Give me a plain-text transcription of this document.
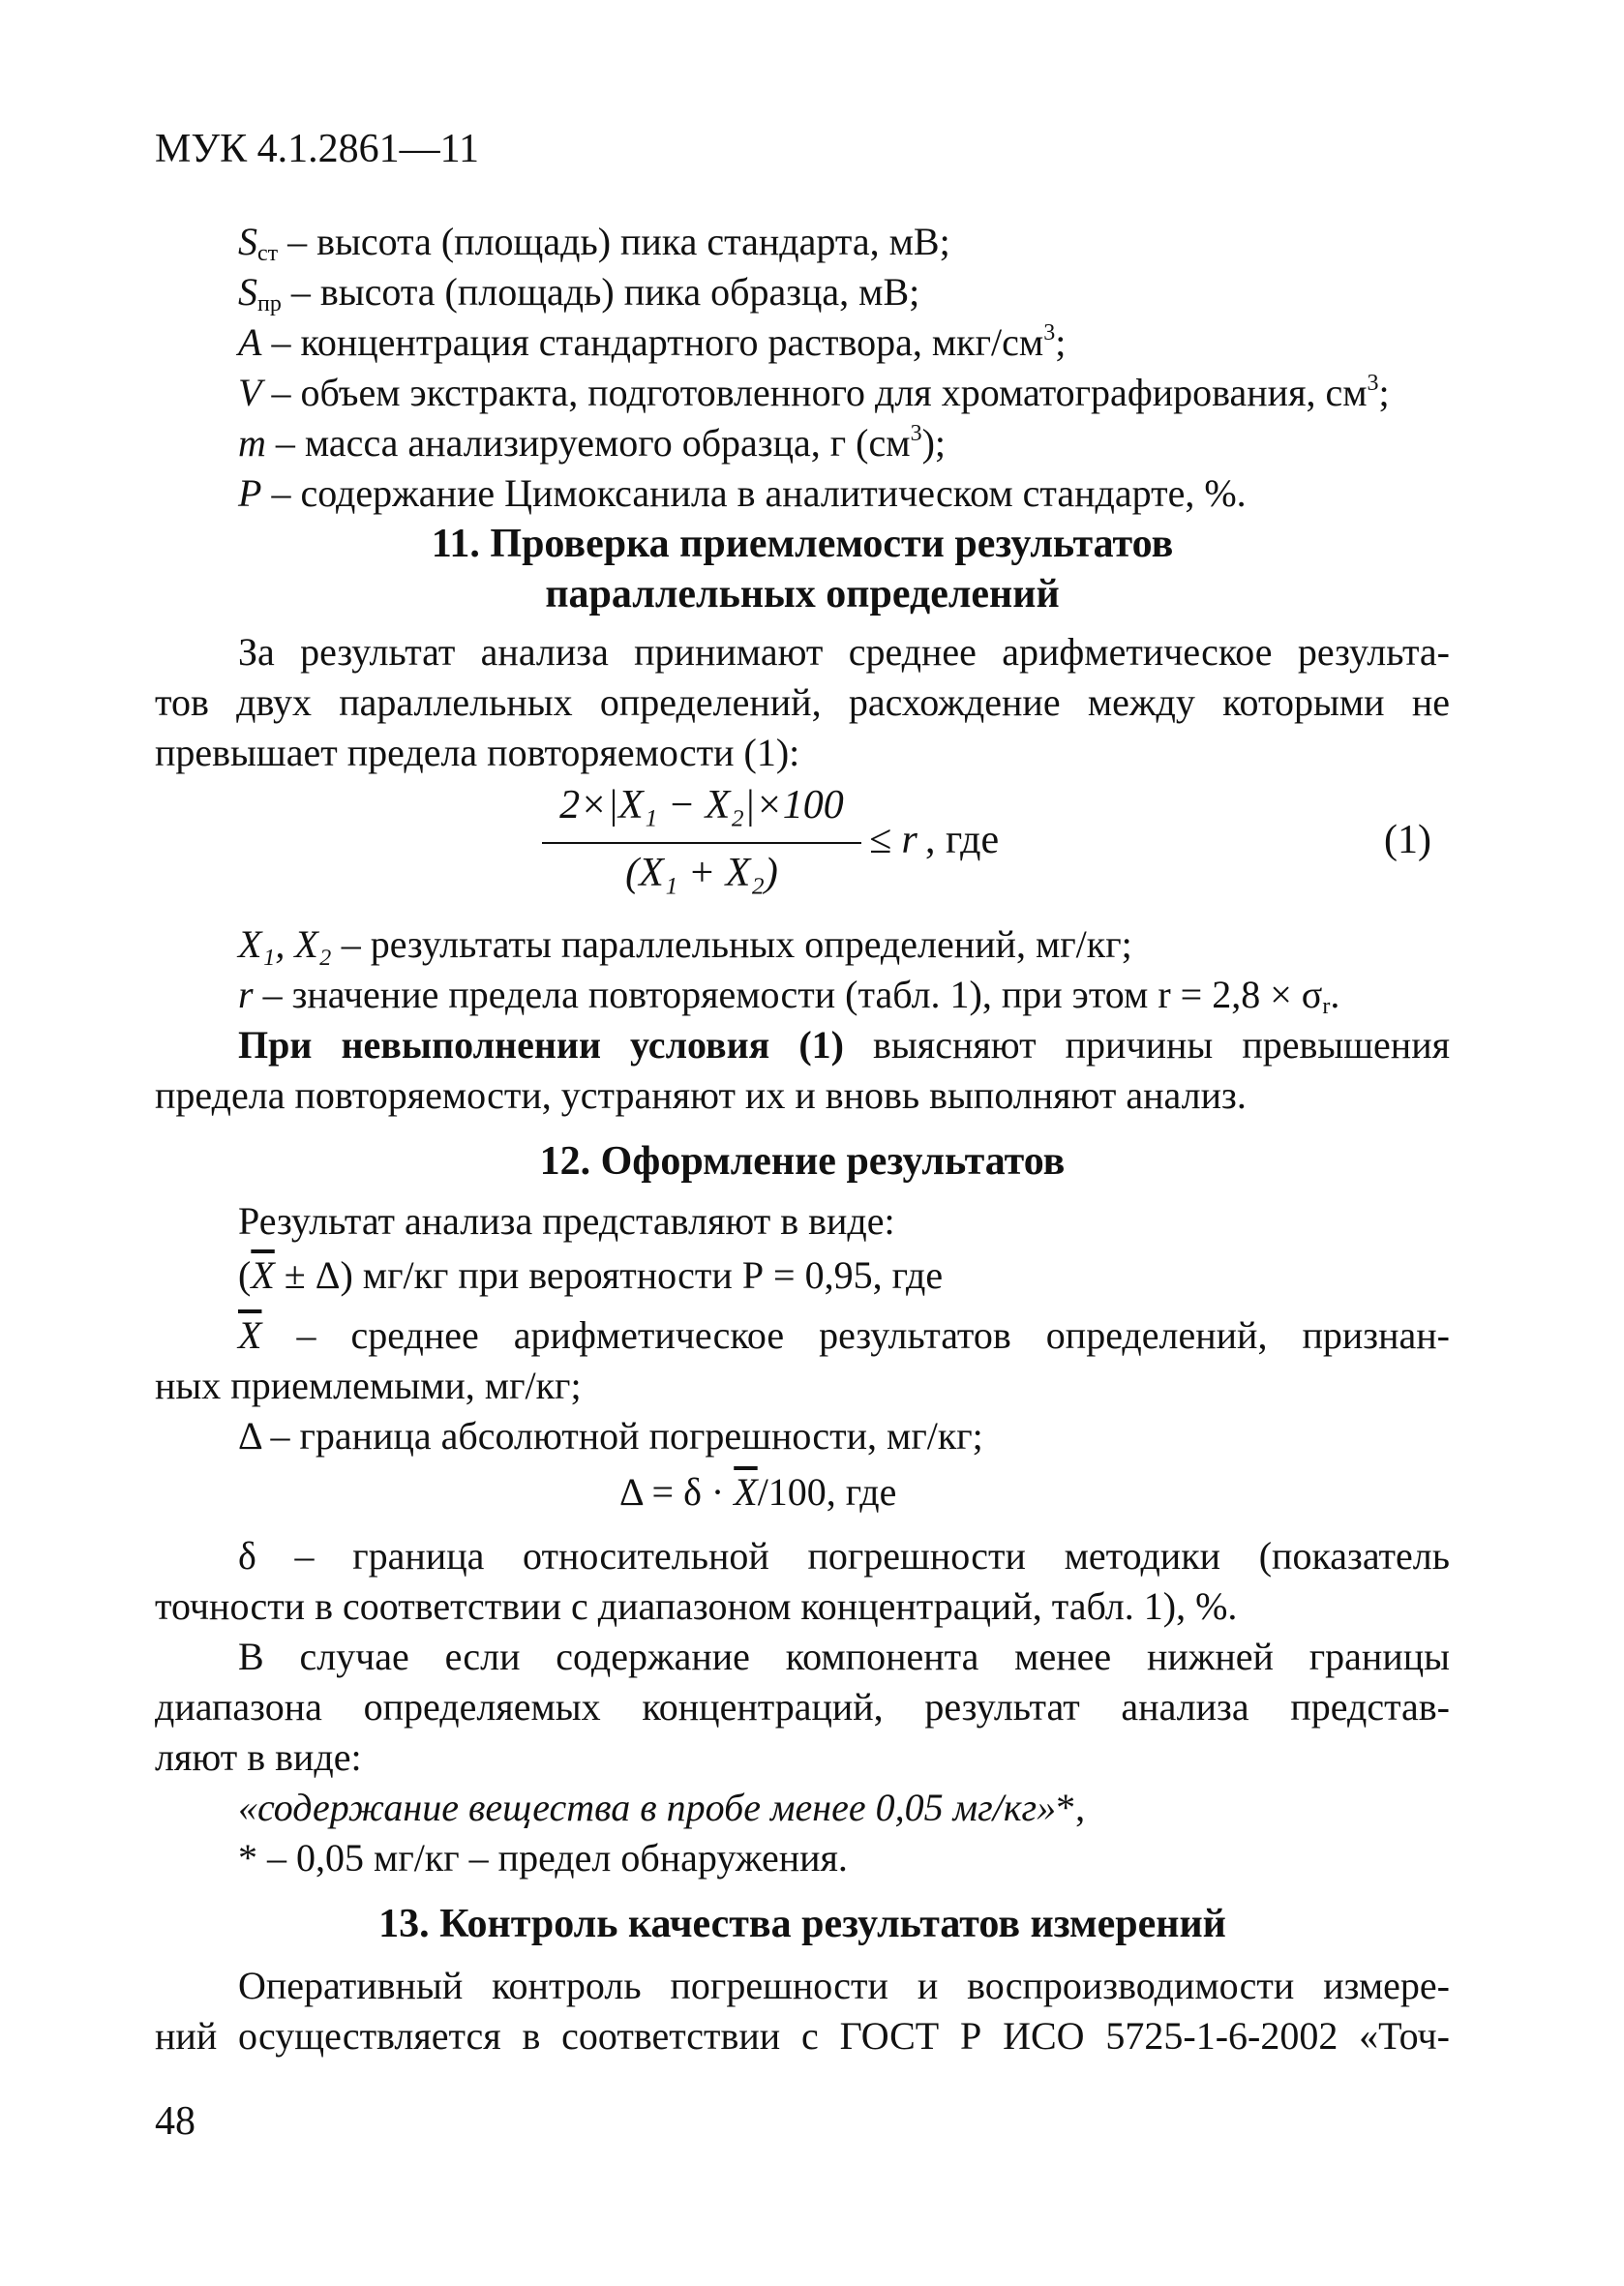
МУК 4.1.2861—11
$S_{ст}$ – высота (площадь) пика стандарта, мВ;
$S_{пр}$ – высота (площадь) пика образца, мВ;
A – концентрация стандартного раствора, мкг/$см^3$;
V – объем экстракта, подготовленного для хроматографирования, $см^3$;
m – масса анализируемого образца, г $(см^3)$;
P – содержание Цимоксанила в аналитическом стандарте, %.
11. Проверка приемлемости результатов
параллельных определений
За результат анализа принимают среднее арифметическое результа-
тов двух параллельных определений, расхождение между которыми не
превышает предела повторяемости (1):
2×|X₁ − X₂|×100
(X₁ + X₂)
≤ r , где	(1)
X₁, X₂ – результаты параллельных определений, мг/кг;
r – значение предела повторяемости (табл. 1), при этом $r = 2,8 \times \sigma_r$.
При невыполнении условия (1) выясняют причины превышения
предела повторяемости, устраняют их и вновь выполняют анализ.
12. Оформление результатов
Результат анализа представляют в виде:
$(\overline{X} \pm \Delta)$ мг/кг при вероятности Р = 0,95, где
$\overline{X}$ – среднее арифметическое результатов определений, признан-
ных приемлемыми, мг/кг;
Δ – граница абсолютной погрешности, мг/кг;
$\Delta = \delta \cdot \overline{X}/100$, где
δ – граница относительной погрешности методики (показатель
точности в соответствии с диапазоном концентраций, табл. 1), %.
В случае если содержание компонента менее нижней границы
диапазона определяемых концентраций, результат анализа представ-
ляют в виде:
«содержание вещества в пробе менее 0,05 мг/кг»*,
* – 0,05 мг/кг – предел обнаружения.
13. Контроль качества результатов измерений
Оперативный контроль погрешности и воспроизводимости измере-
ний осуществляется в соответствии с ГОСТ Р ИСО 5725-1-6-2002 «Точ-
48
